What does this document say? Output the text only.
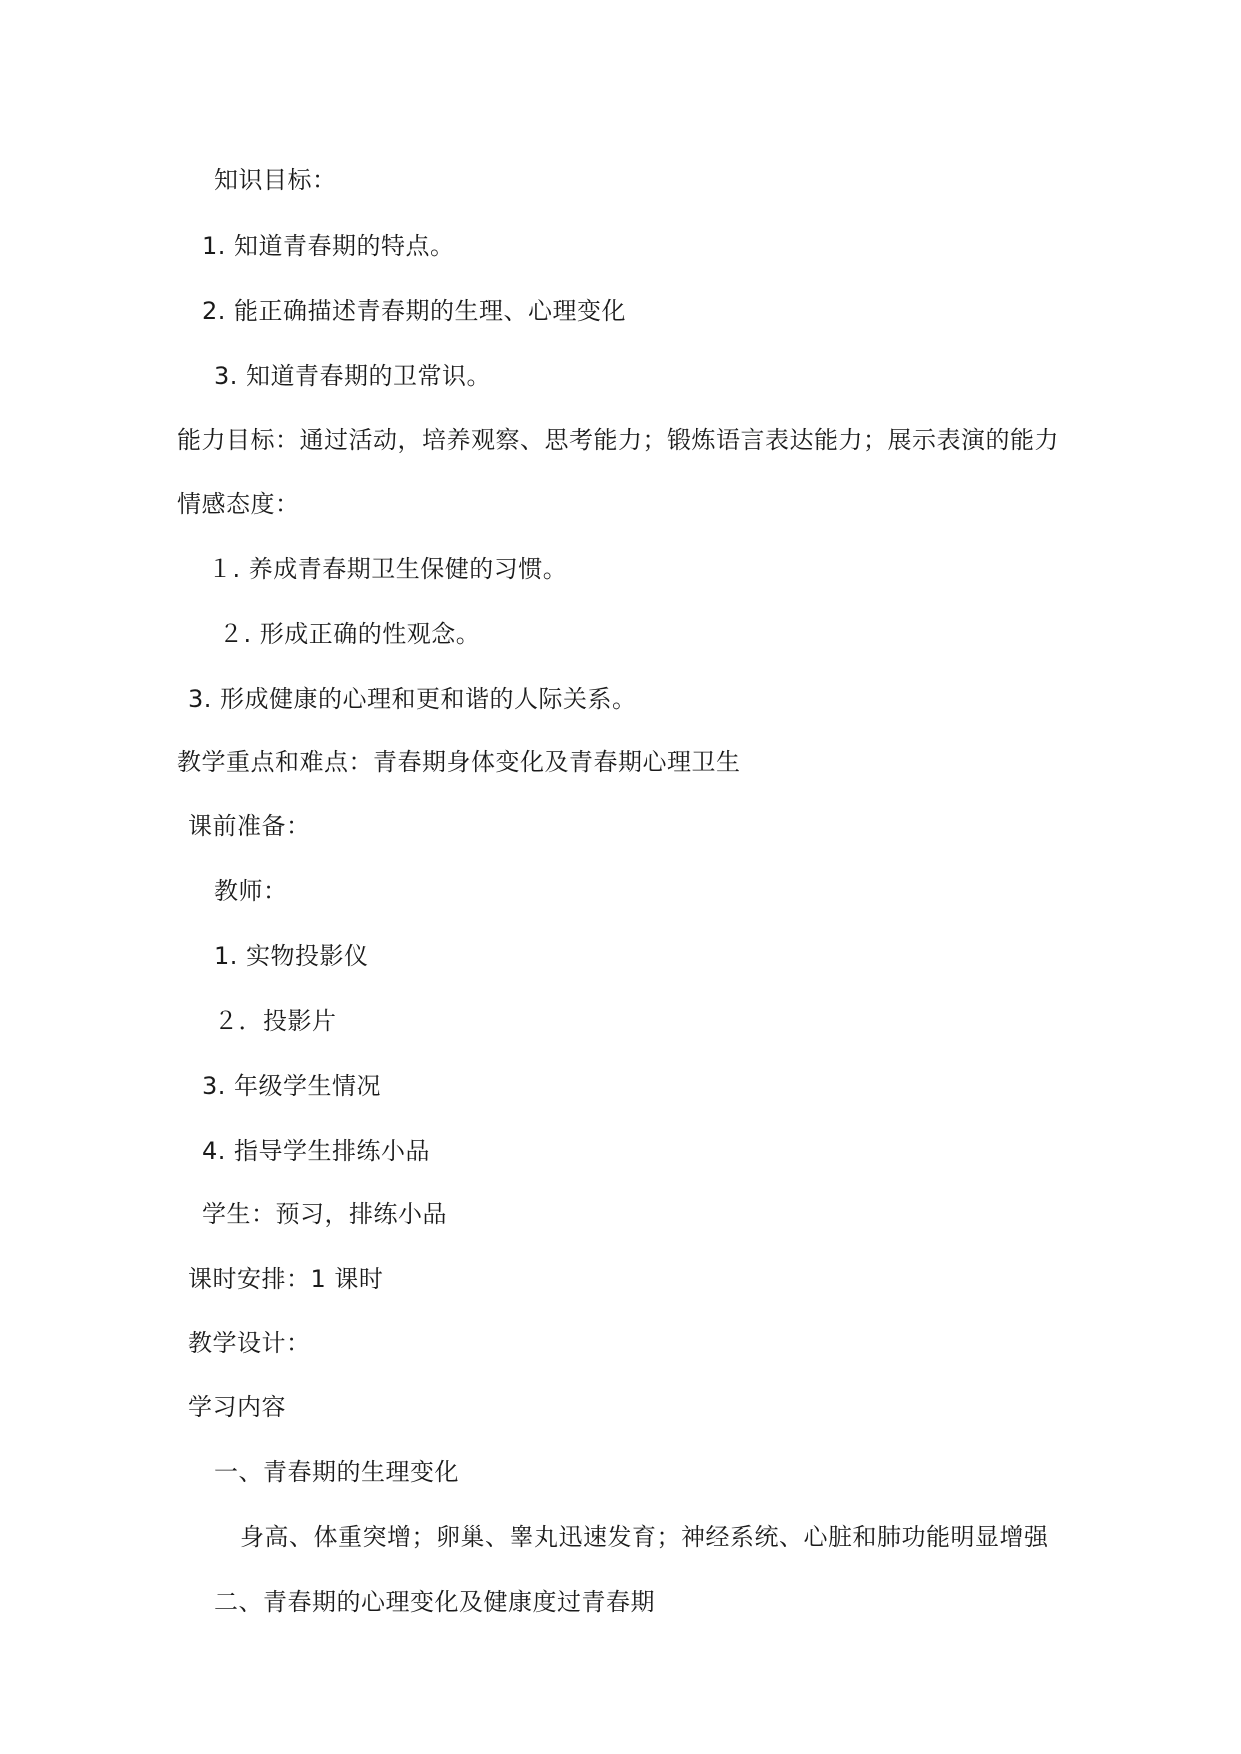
知识目标：

1. 知道青春期的特点。

2. 能正确描述青春期的生理、心理变化

3. 知道青春期的卫常识。

能力目标：通过活动，培养观察、思考能力；锻炼语言表达能力；展示表演的能力

情感态度：

１. 养成青春期卫生保健的习惯。

２. 形成正确的性观念。

3. 形成健康的心理和更和谐的人际关系。

教学重点和难点：青春期身体变化及青春期心理卫生

课前准备：

教师：

1. 实物投影仪

２．投影片

3. 年级学生情况

4. 指导学生排练小品

学生：预习，排练小品

课时安排：1 课时

教学设计：

学习内容

一、青春期的生理变化

身高、体重突增；卵巢、睾丸迅速发育；神经系统、心脏和肺功能明显增强

二、青春期的心理变化及健康度过青春期
